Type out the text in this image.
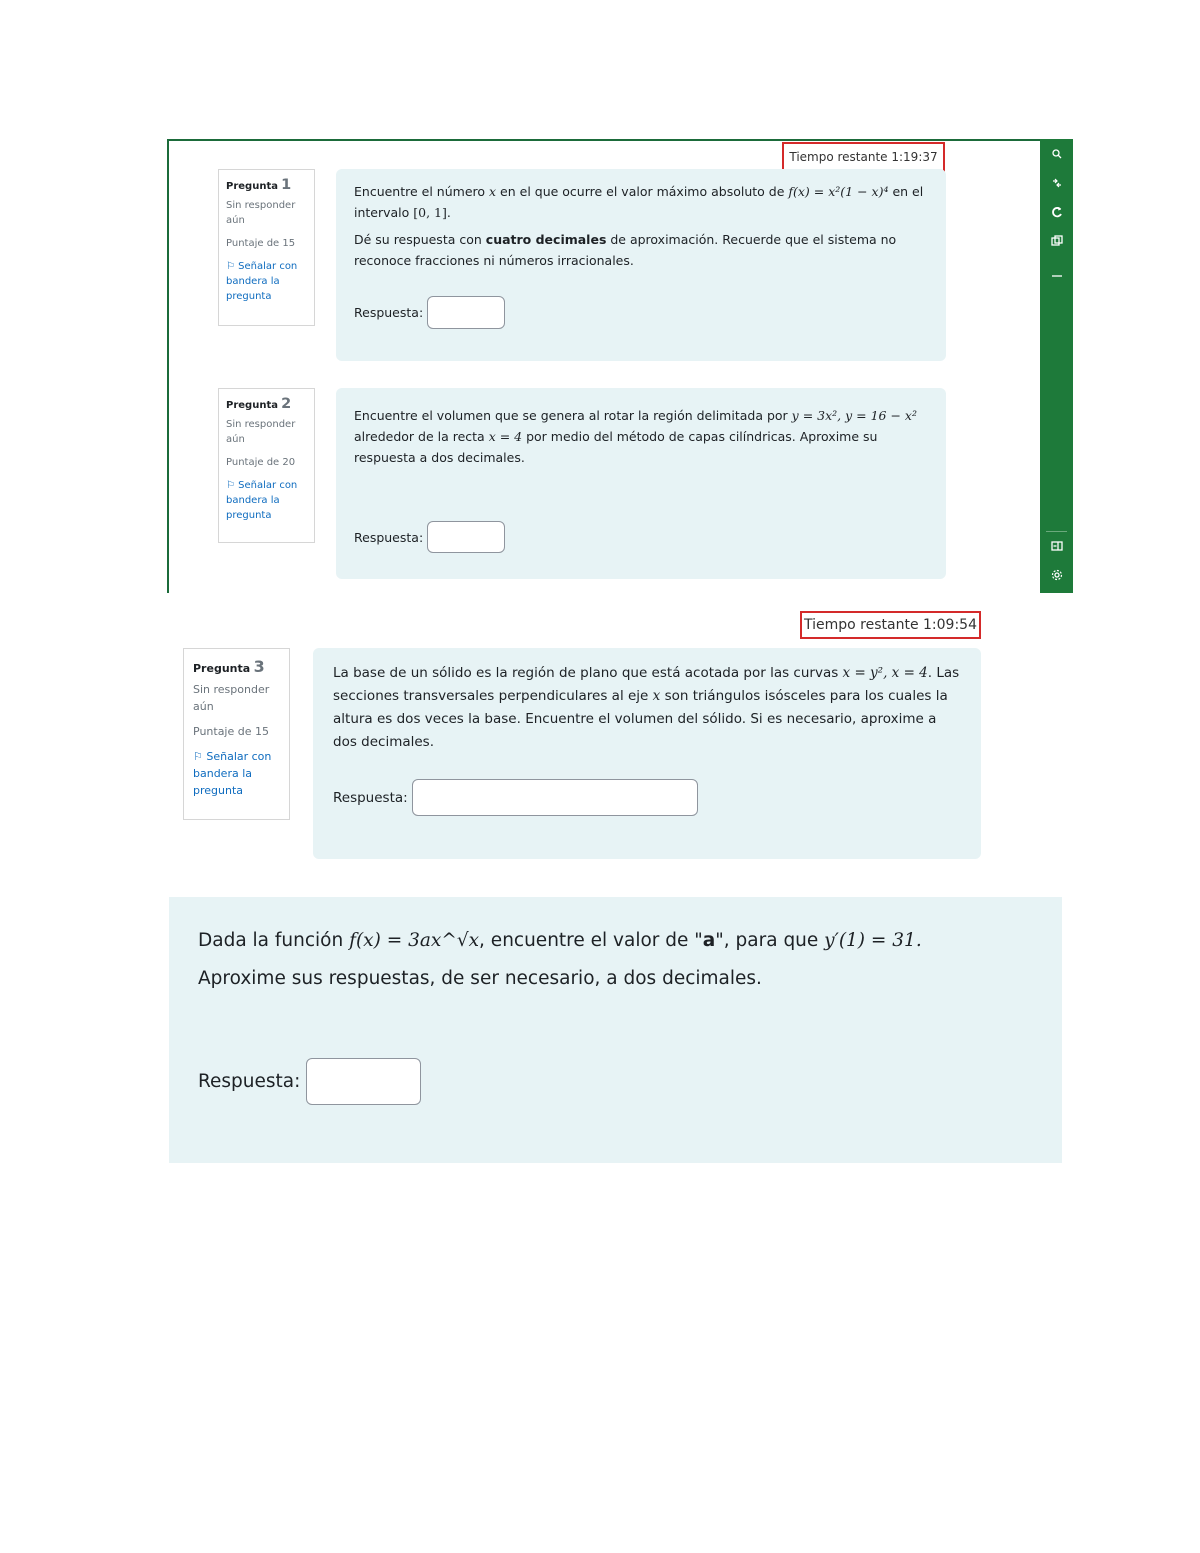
Tiempo restante 1:19:37

Pregunta 1

Sin responder aún

Puntaje de 15

⚐ Señalar con bandera la pregunta

Encuentre el número x en el que ocurre el valor máximo absoluto de f(x) = x²(1 − x)⁴ en el intervalo [0, 1].

Dé su respuesta con cuatro decimales de aproximación. Recuerde que el sistema no reconoce fracciones ni números irracionales.

Respuesta:

Pregunta 2

Sin responder aún

Puntaje de 20

⚐ Señalar con bandera la pregunta

Encuentre el volumen que se genera al rotar la región delimitada por y = 3x², y = 16 − x² alrededor de la recta x = 4 por medio del método de capas cilíndricas. Aproxime su respuesta a dos decimales.

Respuesta:
Tiempo restante 1:09:54

Pregunta 3

Sin responder aún

Puntaje de 15

⚐ Señalar con bandera la pregunta

La base de un sólido es la región de plano que está acotada por las curvas x = y², x = 4. Las secciones transversales perpendiculares al eje x son triángulos isósceles para los cuales la altura es dos veces la base. Encuentre el volumen del sólido. Si es necesario, aproxime a dos decimales.

Respuesta:

Dada la función f(x) = 3ax^√x, encuentre el valor de "a", para que y′(1) = 31.

Aproxime sus respuestas, de ser necesario, a dos decimales.

Respuesta:
